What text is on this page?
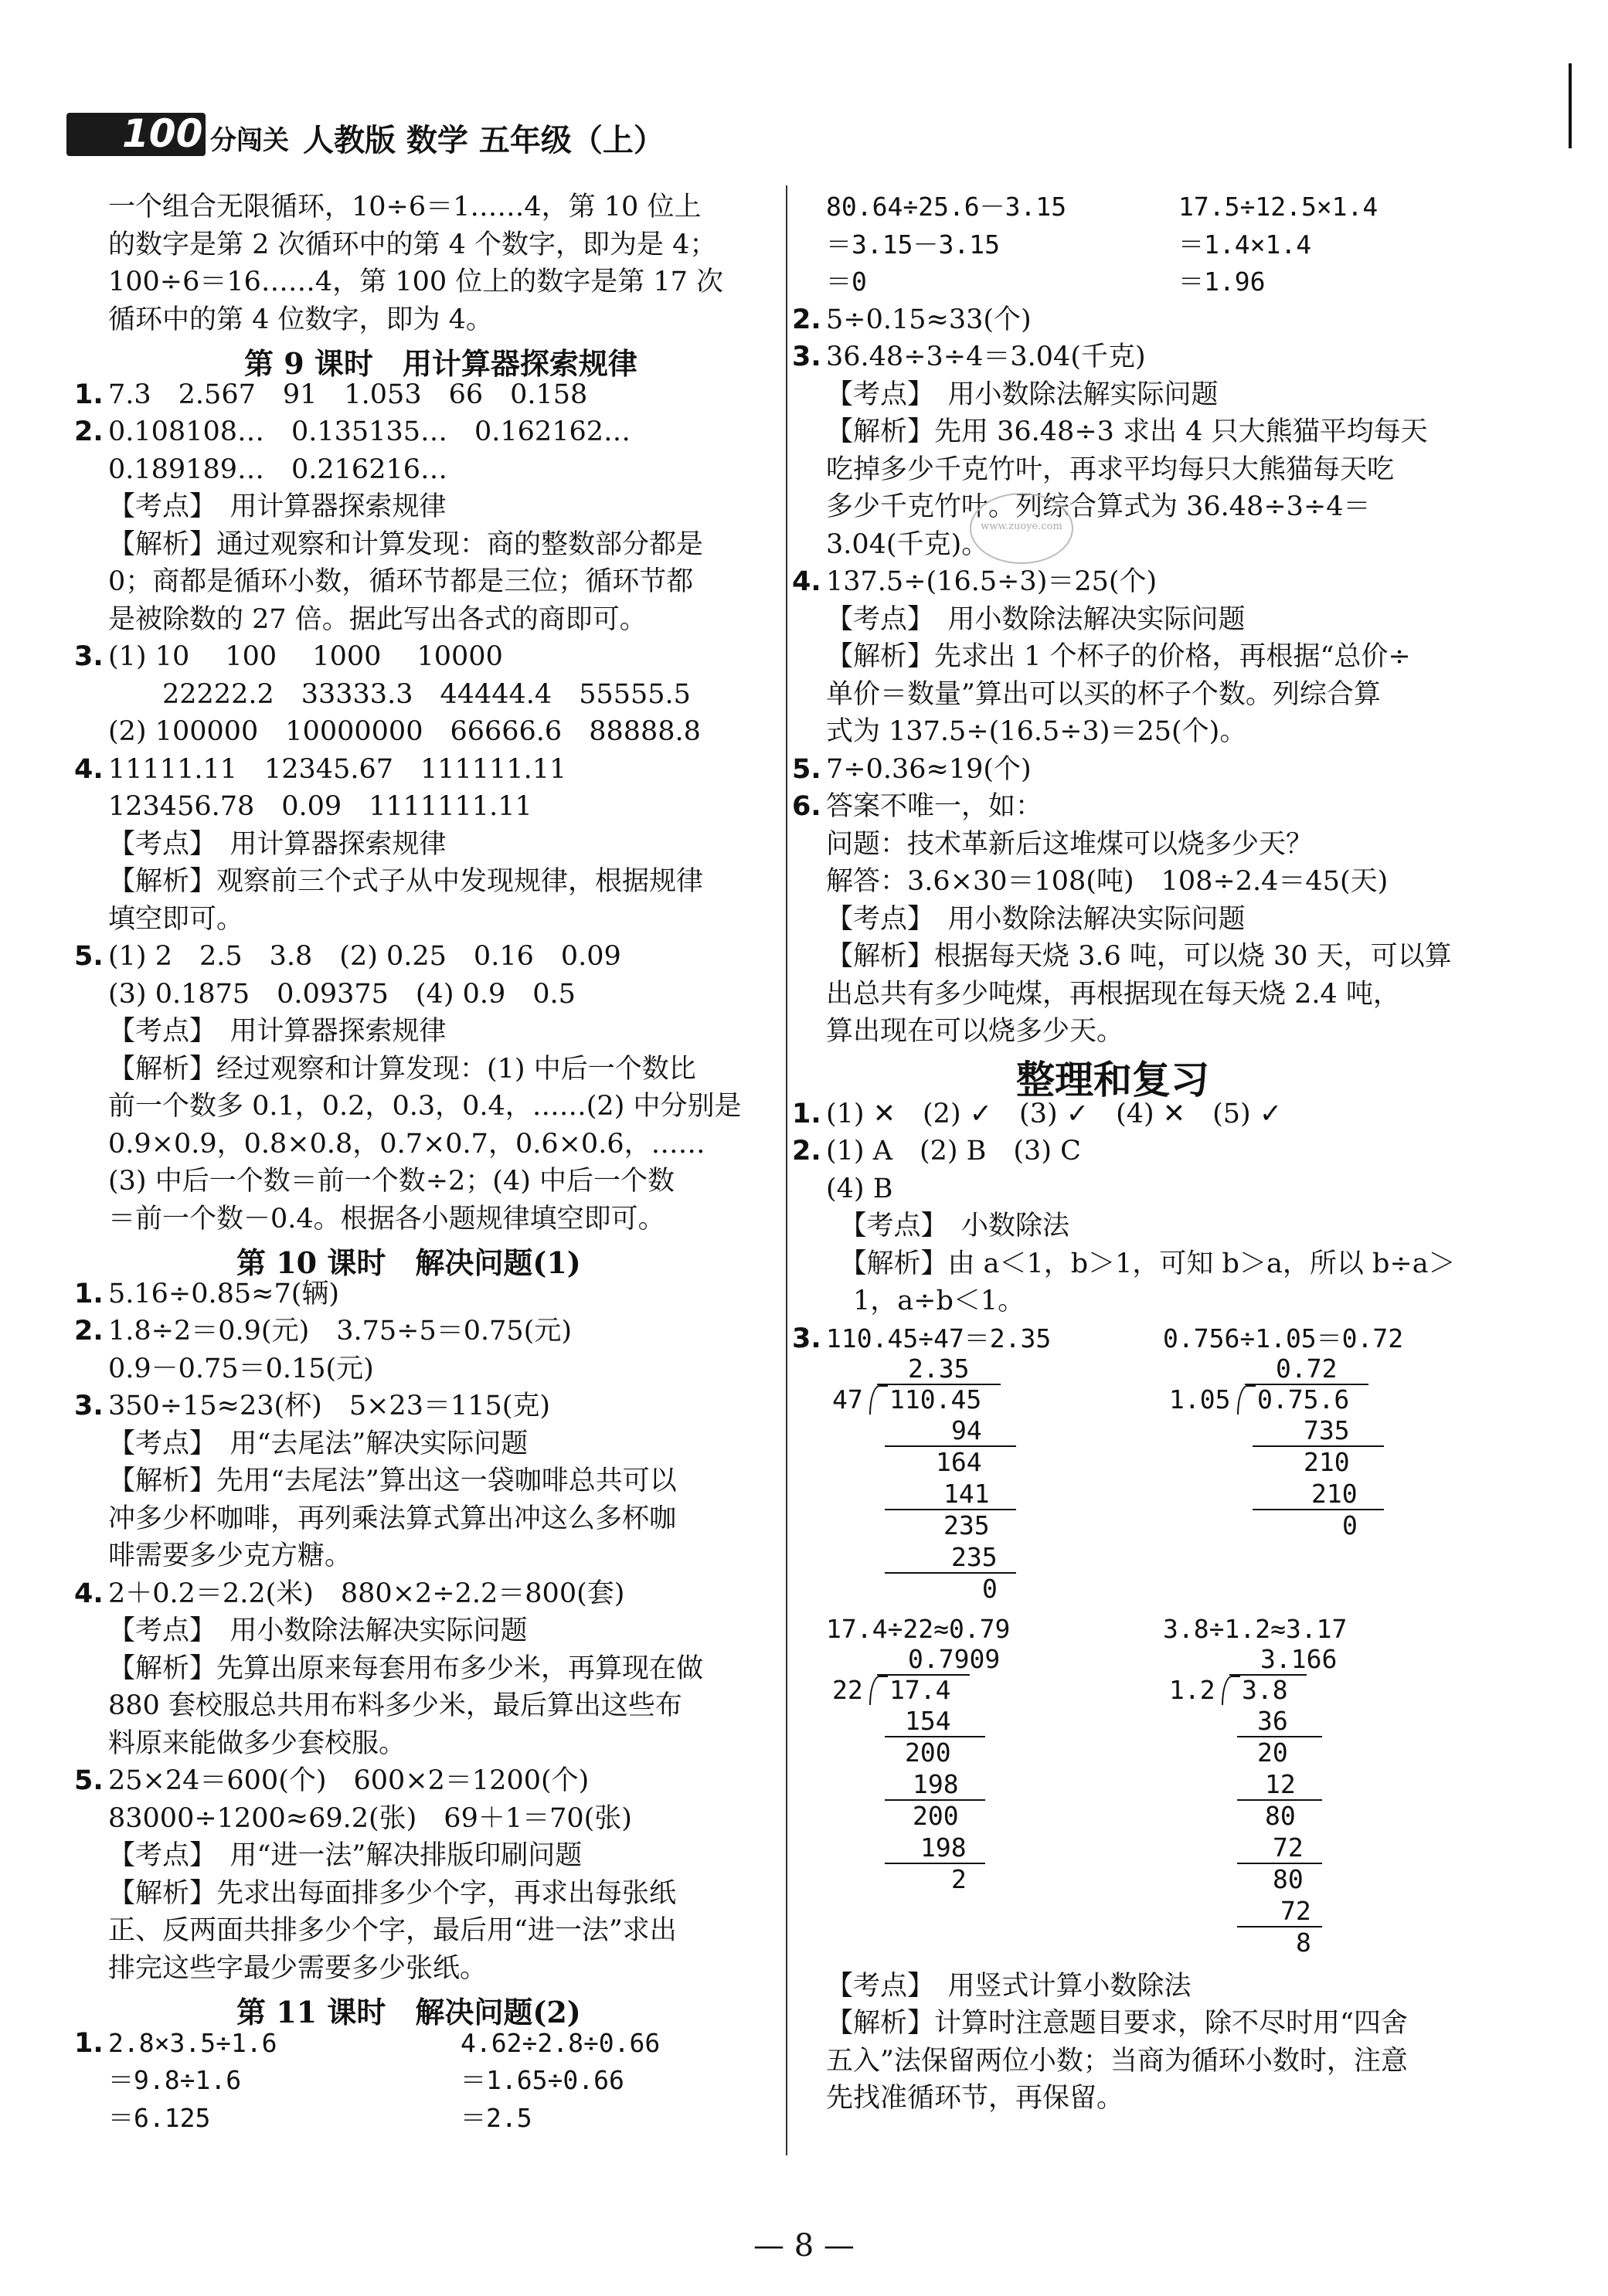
100 分闯关 人教版 数学 五年级（上）
一个组合无限循环，10÷6＝1……4，第 10 位上
的数字是第 2 次循环中的第 4 个数字，即为是 4；
100÷6＝16……4，第 100 位上的数字是第 17 次
循环中的第 4 位数字，即为 4。
第 9 课时　用计算器探索规律
1. 7.3　2.567　91　1.053　66　0.158
2. 0.108108…　0.135135…　0.162162…
0.189189…　0.216216…
【考点】　用计算器探索规律
【解析】通过观察和计算发现：商的整数部分都是
0；商都是循环小数，循环节都是三位；循环节都
是被除数的 27 倍。据此写出各式的商即可。
3. (1) 10　 100　 1000　 10000
　　22222.2　33333.3　44444.4　55555.5
(2) 100000　10000000　66666.6　88888.8
4. 11111.11　12345.67　111111.11
123456.78　0.09　1111111.11
【考点】　用计算器探索规律
【解析】观察前三个式子从中发现规律，根据规律
填空即可。
5. (1) 2　2.5　3.8　(2) 0.25　0.16　0.09
(3) 0.1875　0.09375　(4) 0.9　0.5
【考点】　用计算器探索规律
【解析】经过观察和计算发现：(1) 中后一个数比
前一个数多 0.1，0.2，0.3，0.4，……(2) 中分别是
0.9×0.9，0.8×0.8，0.7×0.7，0.6×0.6，……
(3) 中后一个数＝前一个数÷2；(4) 中后一个数
＝前一个数－0.4。根据各小题规律填空即可。
第 10 课时　解决问题(1)
1. 5.16÷0.85≈7(辆)
2. 1.8÷2＝0.9(元)　3.75÷5＝0.75(元)
0.9－0.75＝0.15(元)
3. 350÷15≈23(杯)　5×23＝115(克)
【考点】　用“去尾法”解决实际问题
【解析】先用“去尾法”算出这一袋咖啡总共可以
冲多少杯咖啡，再列乘法算式算出冲这么多杯咖
啡需要多少克方糖。
4. 2＋0.2＝2.2(米)　880×2÷2.2＝800(套)
【考点】　用小数除法解决实际问题
【解析】先算出原来每套用布多少米，再算现在做
880 套校服总共用布料多少米，最后算出这些布
料原来能做多少套校服。
5. 25×24＝600(个)　600×2＝1200(个)
83000÷1200≈69.2(张)　69＋1＝70(张)
【考点】　用“进一法”解决排版印刷问题
【解析】先求出每面排多少个字，再求出每张纸
正、反两面共排多少个字，最后用“进一法”求出
排完这些字最少需要多少张纸。
第 11 课时　解决问题(2)
1. 2.8×3.5÷1.6	4.62÷2.8÷0.66
＝9.8÷1.6	＝1.65÷0.66
＝6.125	＝2.5
80.64÷25.6－3.15	17.5÷12.5×1.4
＝3.15－3.15	＝1.4×1.4
＝0	＝1.96
2. 5÷0.15≈33(个)
3. 36.48÷3÷4＝3.04(千克)
【考点】　用小数除法解实际问题
【解析】先用 36.48÷3 求出 4 只大熊猫平均每天
吃掉多少千克竹叶，再求平均每只大熊猫每天吃
多少千克竹叶。列综合算式为 36.48÷3÷4＝
3.04(千克)。
4. 137.5÷(16.5÷3)＝25(个)
【考点】　用小数除法解决实际问题
【解析】先求出 1 个杯子的价格，再根据“总价÷
单价＝数量”算出可以买的杯子个数。列综合算
式为 137.5÷(16.5÷3)＝25(个)。
5. 7÷0.36≈19(个)
6. 答案不唯一，如：
问题：技术革新后这堆煤可以烧多少天？
解答：3.6×30＝108(吨)　108÷2.4＝45(天)
【考点】　用小数除法解决实际问题
【解析】根据每天烧 3.6 吨，可以烧 30 天，可以算
出总共有多少吨煤，再根据现在每天烧 2.4 吨，
算出现在可以烧多少天。
整理和复习
1. (1) ✕　(2) ✓　(3) ✓　(4) ✕　(5) ✓
2. (1) A　(2) B　(3) C
(4) B
　【考点】　小数除法
　【解析】由 a＜1，b＞1，可知 b＞a，所以 b÷a＞
　1，a÷b＜1。
3. 110.45÷47＝2.35
2.35
47 110.45
94
164
141
235
235
0
0.756÷1.05＝0.72
0.72
1.05 0.75.6
735
210
210
0
17.4÷22≈0.79
0.7909
22 17.4
154
200
198
200
198
2
3.8÷1.2≈3.17
3.166
1.2 3.8
36
20
12
80
72
80
72
8
【考点】　用竖式计算小数除法
【解析】计算时注意题目要求，除不尽时用“四舍
五入”法保留两位小数；当商为循环小数时，注意
先找准循环节，再保留。
www.zuoye.com
— 8 —
